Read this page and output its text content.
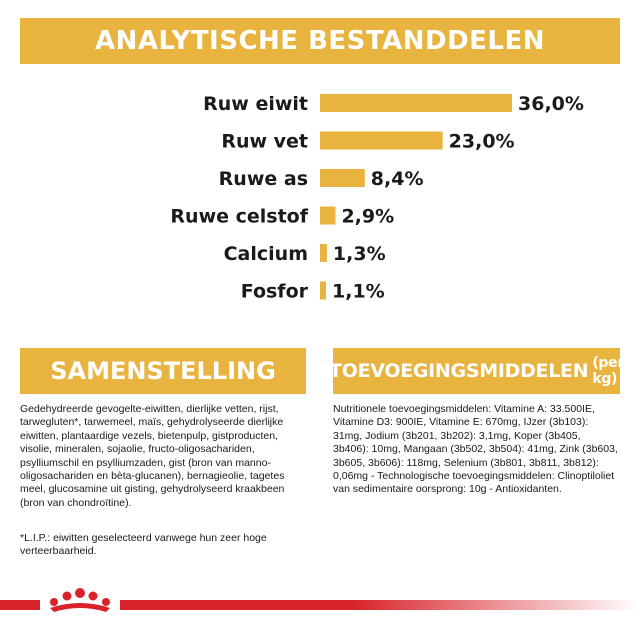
ANALYTISCHE BESTANDDELEN
Ruw eiwit	36,0%
Ruw vet	23,0%
Ruwe as	8,4%
Ruwe celstof 2,9%
Calcium 1,3%
Fosfor 1,1%
SAMENSTELLING
Gedehydreerde gevogelte-eiwitten, dierlijke vetten, rijst, tarwegluten*, tarwemeel, maïs, gehydrolyseerde dierlijke eiwitten, plantaardige vezels, bietenpulp, gistproducten, visolie, mineralen, sojaolie, fructo-oligosachariden, psylliumschil en psylliumzaden, gist (bron van manno-oligosachariden en bèta-glucanen), bernagieolie, tagetes meel, glucosamine uit gisting, gehydrolyseerd kraakbeen (bron van chondroïtine).
*L.I.P.: eiwitten geselecteerd vanwege hun zeer hoge verteerbaarheid.
TOEVOEGINGSMIDDELEN (per kg)
Nutritionele toevoegingsmiddelen: Vitamine A: 33.500IE, Vitamine D3: 900IE, Vitamine E: 670mg, IJzer (3b103): 31mg, Jodium (3b201, 3b202): 3,1mg, Koper (3b405, 3b406): 10mg, Mangaan (3b502, 3b504): 41mg, Zink (3b603, 3b605, 3b606): 118mg, Selenium (3b801, 3b811, 3b812): 0,06mg - Technologische toevoegingsmiddelen: Clinoptiloliet van sedimentaire oorsprong: 10g - Antioxidanten.
